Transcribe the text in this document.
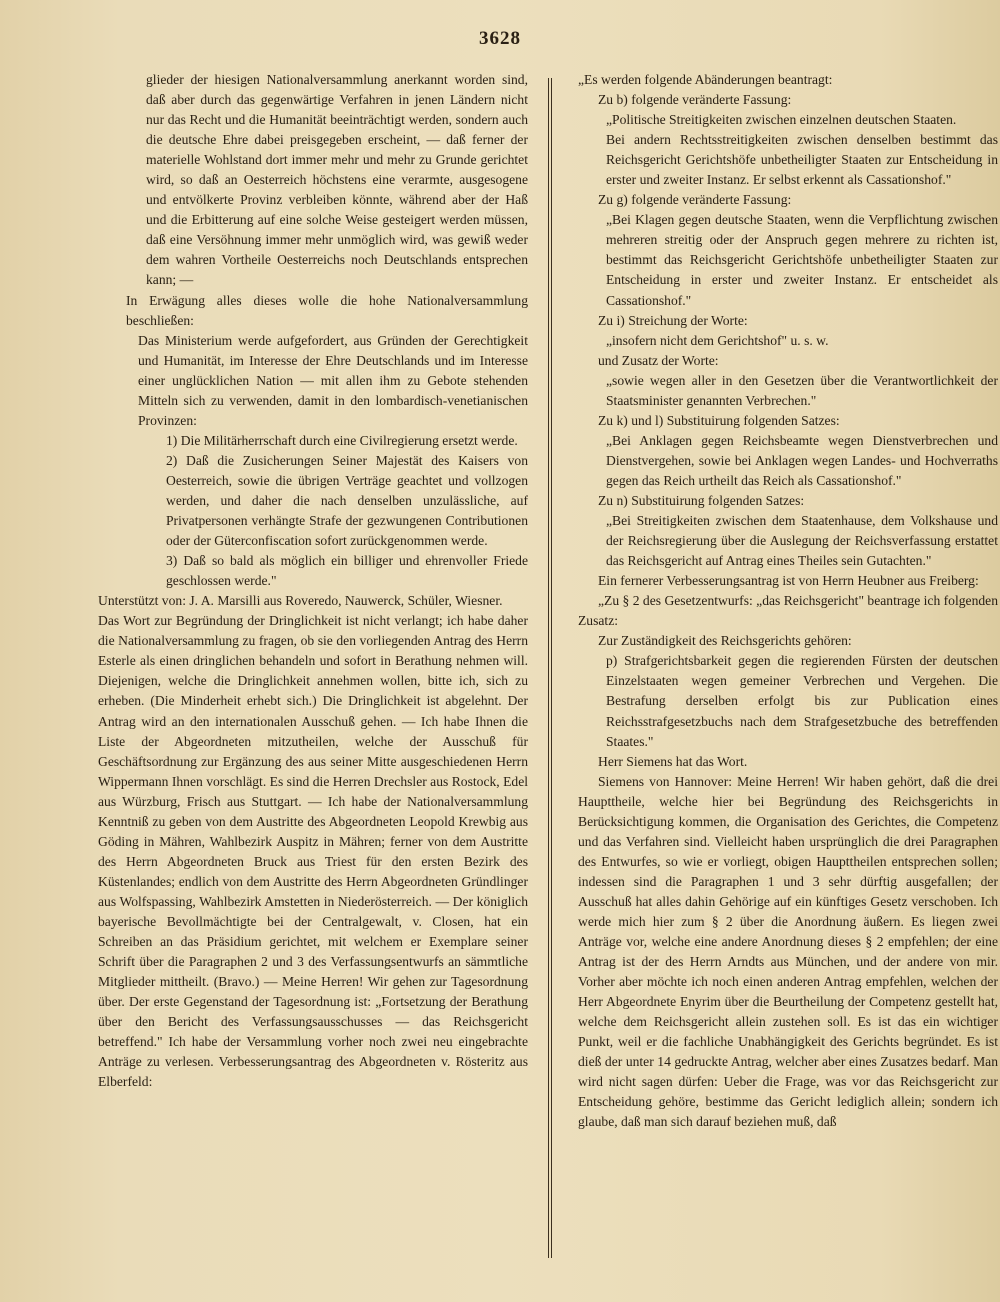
3628

glieder der hiesigen Nationalversammlung anerkannt worden sind, daß aber durch das gegenwärtige Verfahren in jenen Ländern nicht nur das Recht und die Humanität beeinträchtigt werden, sondern auch die deutsche Ehre dabei preisgegeben erscheint, — daß ferner der materielle Wohlstand dort immer mehr und mehr zu Grunde gerichtet wird, so daß an Oesterreich höchstens eine verarmte, ausgesogene und entvölkerte Provinz verbleiben könnte, während aber der Haß und die Erbitterung auf eine solche Weise gesteigert werden müssen, daß eine Versöhnung immer mehr unmöglich wird, was gewiß weder dem wahren Vortheile Oesterreichs noch Deutschlands entsprechen kann; —

In Erwägung alles dieses wolle die hohe Nationalversammlung beschließen:

Das Ministerium werde aufgefordert, aus Gründen der Gerechtigkeit und Humanität, im Interesse der Ehre Deutschlands und im Interesse einer unglücklichen Nation — mit allen ihm zu Gebote stehenden Mitteln sich zu verwenden, damit in den lombardisch-venetianischen Provinzen:

1) Die Militärherrschaft durch eine Civilregierung ersetzt werde.

2) Daß die Zusicherungen Seiner Majestät des Kaisers von Oesterreich, sowie die übrigen Verträge geachtet und vollzogen werden, und daher die nach denselben unzulässliche, auf Privatpersonen verhängte Strafe der gezwungenen Contributionen oder der Güterconfiscation sofort zurückgenommen werde.

3) Daß so bald als möglich ein billiger und ehrenvoller Friede geschlossen werde."

Unterstützt von: J. A. Marsilli aus Roveredo, Nauwerck, Schüler, Wiesner.

Das Wort zur Begründung der Dringlichkeit ist nicht verlangt; ich habe daher die Nationalversammlung zu fragen, ob sie den vorliegenden Antrag des Herrn Esterle als einen dringlichen behandeln und sofort in Berathung nehmen will. Diejenigen, welche die Dringlichkeit annehmen wollen, bitte ich, sich zu erheben. (Die Minderheit erhebt sich.) Die Dringlichkeit ist abgelehnt. Der Antrag wird an den internationalen Ausschuß gehen. — Ich habe Ihnen die Liste der Abgeordneten mitzutheilen, welche der Ausschuß für Geschäftsordnung zur Ergänzung des aus seiner Mitte ausgeschiedenen Herrn Wippermann Ihnen vorschlägt. Es sind die Herren Drechsler aus Rostock, Edel aus Würzburg, Frisch aus Stuttgart. — Ich habe der Nationalversammlung Kenntniß zu geben von dem Austritte des Abgeordneten Leopold Krewbig aus Göding in Mähren, Wahlbezirk Auspitz in Mähren; ferner von dem Austritte des Herrn Abgeordneten Bruck aus Triest für den ersten Bezirk des Küstenlandes; endlich von dem Austritte des Herrn Abgeordneten Gründlinger aus Wolfspassing, Wahlbezirk Amstetten in Niederösterreich. — Der königlich bayerische Bevollmächtigte bei der Centralgewalt, v. Closen, hat ein Schreiben an das Präsidium gerichtet, mit welchem er Exemplare seiner Schrift über die Paragraphen 2 und 3 des Verfassungsentwurfs an sämmtliche Mitglieder mittheilt. (Bravo.) — Meine Herren! Wir gehen zur Tagesordnung über. Der erste Gegenstand der Tagesordnung ist: „Fortsetzung der Berathung über den Bericht des Verfassungsausschusses — das Reichsgericht betreffend." Ich habe der Versammlung vorher noch zwei neu eingebrachte Anträge zu verlesen. Verbesserungsantrag des Abgeordneten v. Rösteritz aus Elberfeld:

„Es werden folgende Abänderungen beantragt:

Zu b) folgende veränderte Fassung:

„Politische Streitigkeiten zwischen einzelnen deutschen Staaten.

Bei andern Rechtsstreitigkeiten zwischen denselben bestimmt das Reichsgericht Gerichtshöfe unbetheiligter Staaten zur Entscheidung in erster und zweiter Instanz. Er selbst erkennt als Cassationshof."

Zu g) folgende veränderte Fassung:

„Bei Klagen gegen deutsche Staaten, wenn die Verpflichtung zwischen mehreren streitig oder der Anspruch gegen mehrere zu richten ist, bestimmt das Reichsgericht Gerichtshöfe unbetheiligter Staaten zur Entscheidung in erster und zweiter Instanz. Er entscheidet als Cassationshof."

Zu i) Streichung der Worte:

„insofern nicht dem Gerichtshof" u. s. w.

und Zusatz der Worte:

„sowie wegen aller in den Gesetzen über die Verantwortlichkeit der Staatsminister genannten Verbrechen."

Zu k) und l) Substituirung folgenden Satzes:

„Bei Anklagen gegen Reichsbeamte wegen Dienstverbrechen und Dienstvergehen, sowie bei Anklagen wegen Landes- und Hochverraths gegen das Reich urtheilt das Reich als Cassationshof."

Zu n) Substituirung folgenden Satzes:

„Bei Streitigkeiten zwischen dem Staatenhause, dem Volkshause und der Reichsregierung über die Auslegung der Reichsverfassung erstattet das Reichsgericht auf Antrag eines Theiles sein Gutachten."

Ein fernerer Verbesserungsantrag ist von Herrn Heubner aus Freiberg:

„Zu § 2 des Gesetzentwurfs: „das Reichsgericht" beantrage ich folgenden Zusatz:

Zur Zuständigkeit des Reichsgerichts gehören:

p) Strafgerichtsbarkeit gegen die regierenden Fürsten der deutschen Einzelstaaten wegen gemeiner Verbrechen und Vergehen. Die Bestrafung derselben erfolgt bis zur Publication eines Reichsstrafgesetzbuchs nach dem Strafgesetzbuche des betreffenden Staates."

Herr Siemens hat das Wort.

Siemens von Hannover: Meine Herren! Wir haben gehört, daß die drei Haupttheile, welche hier bei Begründung des Reichsgerichts in Berücksichtigung kommen, die Organisation des Gerichtes, die Competenz und das Verfahren sind. Vielleicht haben ursprünglich die drei Paragraphen des Entwurfes, so wie er vorliegt, obigen Haupttheilen entsprechen sollen; indessen sind die Paragraphen 1 und 3 sehr dürftig ausgefallen; der Ausschuß hat alles dahin Gehörige auf ein künftiges Gesetz verschoben. Ich werde mich hier zum § 2 über die Anordnung äußern. Es liegen zwei Anträge vor, welche eine andere Anordnung dieses § 2 empfehlen; der eine Antrag ist der des Herrn Arndts aus München, und der andere von mir. Vorher aber möchte ich noch einen anderen Antrag empfehlen, welchen der Herr Abgeordnete Enyrim über die Beurtheilung der Competenz gestellt hat, welche dem Reichsgericht allein zustehen soll. Es ist das ein wichtiger Punkt, weil er die fachliche Unabhängigkeit des Gerichts begründet. Es ist dieß der unter 14 gedruckte Antrag, welcher aber eines Zusatzes bedarf. Man wird nicht sagen dürfen: Ueber die Frage, was vor das Reichsgericht zur Entscheidung gehöre, bestimme das Gericht lediglich allein; sondern ich glaube, daß man sich darauf beziehen muß, daß
